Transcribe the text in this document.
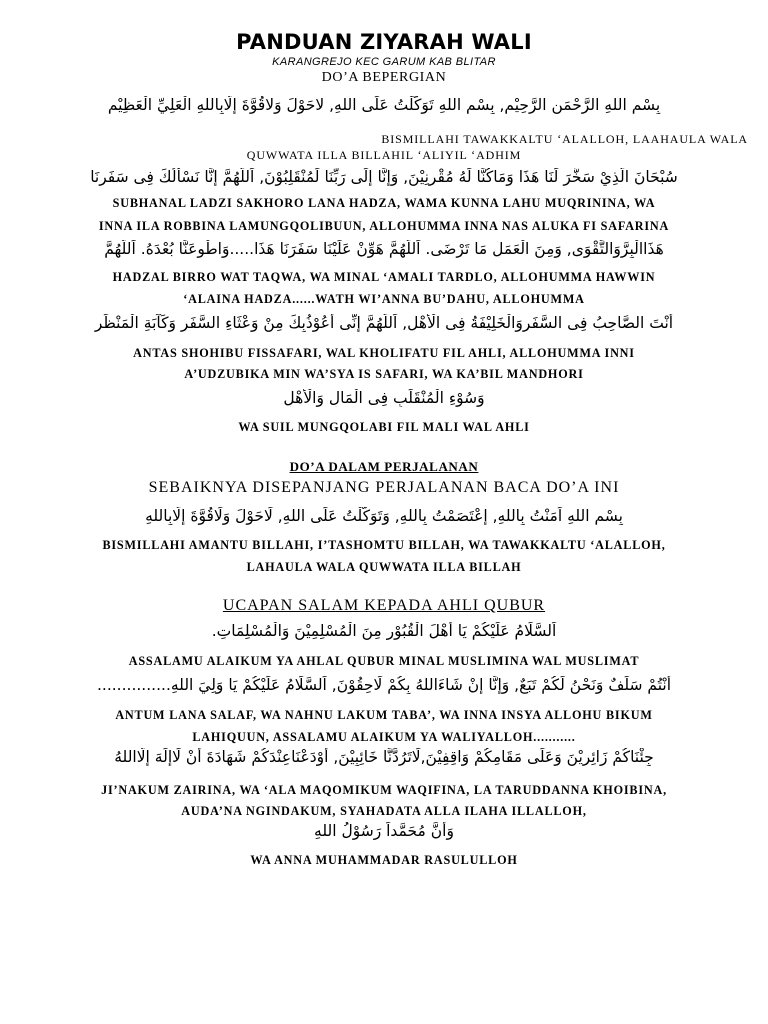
PANDUAN ZIYARAH WALI
KARANGREJO KEC GARUM KAB BLITAR
DO’A BEPERGIAN
بِسْمِ اللهِ الرَّحْمَنِ الرَّحِيْمِ, بِسْمِ اللهِ تَوَكَّلْتُ عَلَى اللهِ, لاحَوْلَ وَلاقُوَّةَ إِلَّابِاللهِ الْعَلِيِّ الْعَظِيْمِ
BISMILLAHI TAWAKKALTU ‘ALALLOH, LAAHAULA WALA
QUWWATA ILLA BILLAHIL ‘ALIYIL ‘ADHIM
سُبْحَانَ الَّذِيْ سَخَّرَ لَنَا هَذَا وَمَاكُنَّا لَهُ مُقْرِنِيْنَ, وَإِنَّا إِلَى رَبِّنَا لَمُنْقَلِبُوْنَ, اَللَّهُمَّ إِنَّا نَسْأَلُكَ فِى سَفَرِنَا
SUBHANAL LADZI SAKHORO LANA HADZA, WAMA KUNNA LAHU MUQRININA, WA
INNA ILA ROBBINA LAMUNGQOLIBUUN, ALLOHUMMA INNA NAS ALUKA FI SAFARINA
هَذَاالْبِرَّوَالتَّقْوَى, وَمِنَ الْعَمَلِ مَا تَرْضَى. اَللَّهُمَّ هَوِّنْ عَلَيْنَا سَفَرَنَا هَذَا.....وَاطْوِعَنَّا بُعْدَهُ. اَللَّهُمَّ
HADZAL BIRRO WAT TAQWA, WA MINAL ‘AMALI TARDLO, ALLOHUMMA HAWWIN
‘ALAINA HADZA......WATH WI’ANNA BU’DAHU, ALLOHUMMA
أَنْتَ الصَّاحِبُ فِى السَّفَرِوَالْخَلِيْفَةُ فِى الْأَهْلِ, اَللَّهُمَّ إِنِّى أَعُوْذُبِكَ مِنْ وَعْثَاءِ السَّفَرِ وَكَآبَةِ الْمَنْظَرِ
ANTAS SHOHIBU FISSAFARI, WAL KHOLIFATU FIL AHLI, ALLOHUMMA INNI
A’UDZUBIKA MIN WA’SYA IS SAFARI, WA KA’BIL MANDHORI
وَسُوْءِ الْمُنْقَلَبِ فِى الْمَالِ وَالْأَهْلِ
WA SUIL MUNGQOLABI FIL MALI WAL AHLI
DO’A DALAM PERJALANAN
SEBAIKNYA DISEPANJANG PERJALANAN BACA DO’A INI
بِسْمِ اللهِ اَمَنْتُ بِاللهِ, إِعْتَصَمْتُ بِاللهِ, وَتَوَكَّلْتُ عَلَى اللهِ, لَاحَوْلَ وَلَاقُوَّةَ إِلَّابِاللهِ
BISMILLAHI AMANTU BILLAHI, I’TASHOMTU BILLAH, WA TAWAKKALTU ‘ALALLOH,
LAHAULA WALA QUWWATA ILLA BILLAH
UCAPAN SALAM KEPADA AHLI QUBUR
اَلسَّلَامُ عَلَيْكُمْ يَا أَهْلَ الْقُبُوْرِ مِنَ الْمُسْلِمِيْنَ وَالْمُسْلِمَاتِ.
ASSALAMU ALAIKUM YA AHLAL QUBUR MINAL MUSLIMINA WAL MUSLIMAT
أَنْتُمْ سَلَفٌ وَنَحْنُ لَكُمْ تَبَعٌ, وَإِنَّا إِنْ شَاءَاللهُ بِكُمْ لَاحِقُوْنَ, اَلسَّلَامُ عَلَيْكُمْ يَا وَلِيَ اللهِ...............
ANTUM LANA SALAF, WA NAHNU LAKUM TABA’, WA INNA INSYA ALLOHU BIKUM
LAHIQUUN, ASSALAMU ALAIKUM YA WALIYALLOH...........
جِئْنَاكُمْ زَائِرِيْنَ وَعَلَى مَقَامِكُمْ وَاقِفِيْنَ,لَاتَرُدَّنَّا خَائِبِيْنَ, أَوْدَعْنَاعِنْدَكُمْ شَهَادَةَ أَنْ لَاإِلَهَ إِلَّااللهُ
JI’NAKUM ZAIRINA, WA ‘ALA MAQOMIKUM WAQIFINA, LA TARUDDANNA KHOIBINA,
AUDA’NA NGINDAKUM, SYAHADATA ALLA ILAHA ILLALLOH,
وَأَنَّ مُحَمَّداً رَسُوْلُ اللهِ
WA ANNA MUHAMMADAR RASULULLOH
